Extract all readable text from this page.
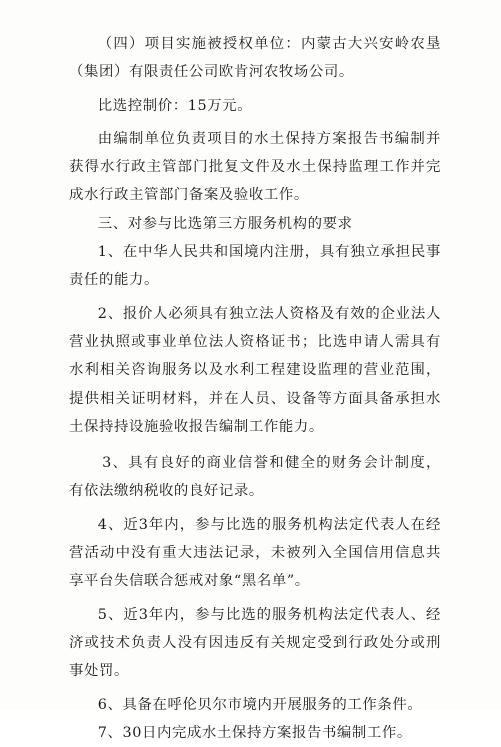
（四）项目实施被授权单位：内蒙古大兴安岭农垦（集团）有限责任公司欧肯河农牧场公司。

比选控制价：15万元。

由编制单位负责项目的水土保持方案报告书编制并获得水行政主管部门批复文件及水土保持监理工作并完成水行政主管部门备案及验收工作。

三、对参与比选第三方服务机构的要求

1、在中华人民共和国境内注册，具有独立承担民事责任的能力。

2、报价人必须具有独立法人资格及有效的企业法人营业执照或事业单位法人资格证书；比选申请人需具有水利相关咨询服务以及水利工程建设监理的营业范围，提供相关证明材料，并在人员、设备等方面具备承担水土保持持设施验收报告编制工作能力。

3、具有良好的商业信誉和健全的财务会计制度，有依法缴纳税收的良好记录。

4、近3年内，参与比选的服务机构法定代表人在经营活动中没有重大违法记录，未被列入全国信用信息共享平台失信联合惩戒对象“黑名单”。

5、近3年内，参与比选的服务机构法定代表人、经济或技术负责人没有因违反有关规定受到行政处分或刑事处罚。

6、具备在呼伦贝尔市境内开展服务的工作条件。

7、30日内完成水土保持方案报告书编制工作。
